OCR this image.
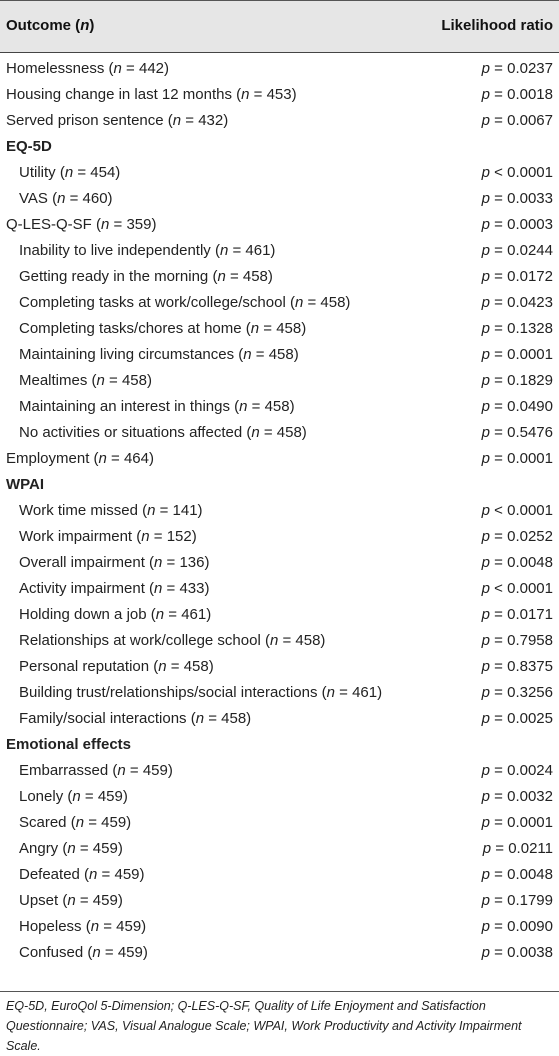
Outcome (n)	Likelihood ratio
Homelessness (n = 442)	p = 0.0237
Housing change in last 12 months (n = 453)	p = 0.0018
Served prison sentence (n = 432)	p = 0.0067
EQ-5D
Utility (n = 454)	p < 0.0001
VAS (n = 460)	p = 0.0033
Q-LES-Q-SF (n = 359)	p = 0.0003
Inability to live independently (n = 461)	p = 0.0244
Getting ready in the morning (n = 458)	p = 0.0172
Completing tasks at work/college/school (n = 458)	p = 0.0423
Completing tasks/chores at home (n = 458)	p = 0.1328
Maintaining living circumstances (n = 458)	p = 0.0001
Mealtimes (n = 458)	p = 0.1829
Maintaining an interest in things (n = 458)	p = 0.0490
No activities or situations affected (n = 458)	p = 0.5476
Employment (n = 464)	p = 0.0001
WPAI
Work time missed (n = 141)	p < 0.0001
Work impairment (n = 152)	p = 0.0252
Overall impairment (n = 136)	p = 0.0048
Activity impairment (n = 433)	p < 0.0001
Holding down a job (n = 461)	p = 0.0171
Relationships at work/college school (n = 458)	p = 0.7958
Personal reputation (n = 458)	p = 0.8375
Building trust/relationships/social interactions (n = 461)	p = 0.3256
Family/social interactions (n = 458)	p = 0.0025
Emotional effects
Embarrassed (n = 459)	p = 0.0024
Lonely (n = 459)	p = 0.0032
Scared (n = 459)	p = 0.0001
Angry (n = 459)	p = 0.0211
Defeated (n = 459)	p = 0.0048
Upset (n = 459)	p = 0.1799
Hopeless (n = 459)	p = 0.0090
Confused (n = 459)	p = 0.0038
EQ-5D, EuroQol 5-Dimension; Q-LES-Q-SF, Quality of Life Enjoyment and Satisfaction Questionnaire; VAS, Visual Analogue Scale; WPAI, Work Productivity and Activity Impairment Scale.
